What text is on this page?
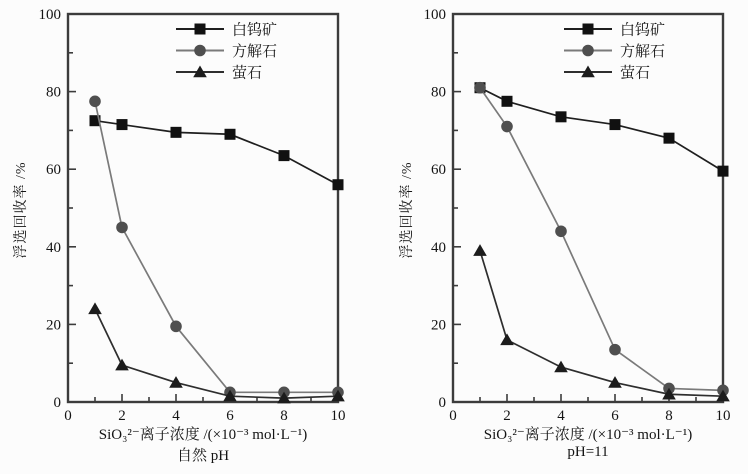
浮选回收率 /%
0	2	4	6	8	10
0
20
40
60
80
100
白钨矿
方解石
萤石
SiO₃²⁻离子浓度 /(×10⁻³ mol·L⁻¹)
自然 pH
浮选回收率 /%
0	2	4	6	8	10
0
20
40
60
80
100
白钨矿
方解石
萤石
SiO₃²⁻离子浓度 /(×10⁻³ mol·L⁻¹)
pH=11
